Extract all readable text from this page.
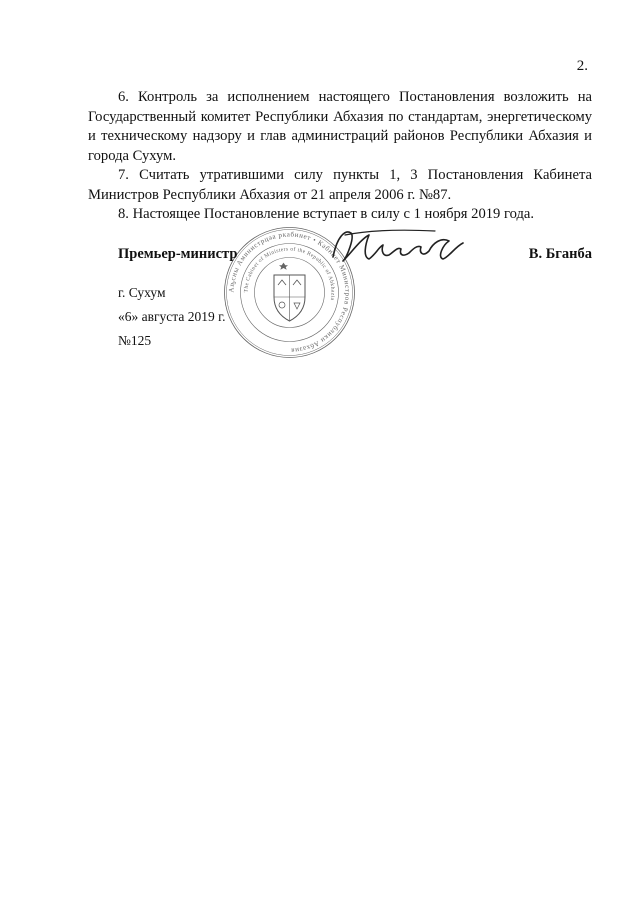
2.

6. Контроль за исполнением настоящего Постановления возложить на Государственный комитет Республики Абхазия по стандартам, энергетическому и техническому надзору и глав администраций районов Республики Абхазия и города Сухум.

7. Считать утратившими силу пункты 1, 3 Постановления Кабинета Министров Республики Абхазия от 21 апреля 2006 г. №87.

8. Настоящее Постановление вступает в силу с 1 ноября 2019 года.

Аҧсны Аминистрцәа ркабинет • Кабинет Министров Республики Абхазия
The Cabinet of Ministers of the Republic of Abkhazia
Премьер-министр	В. Бганба
г. Сухум
«6» августа 2019 г.
№125
